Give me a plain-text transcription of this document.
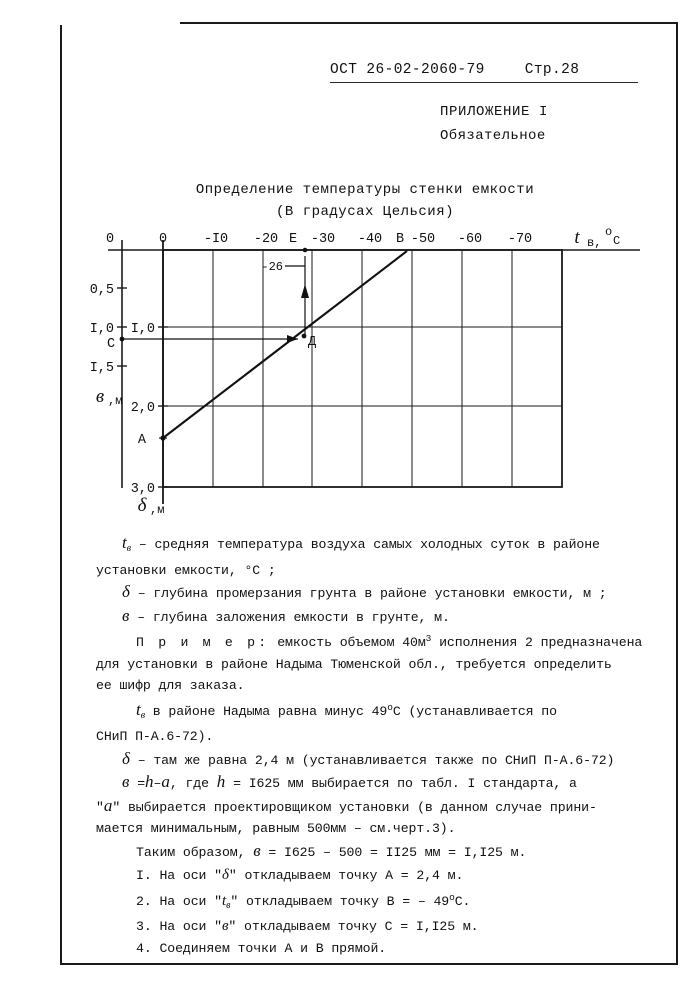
ОСТ 26-02-2060-79	Стр.28
ПРИЛОЖЕНИЕ I
Обязательное
Определение температуры стенки емкости
(В градусах Цельсия)
0	0	-I0 -20 -30 -40 -50 -60 -70
Е	В	t в,
о
С
0,5
I,0
I,5
в ,м
C
I,0
2,0
3,0
δ ,м
A
-26
Д

$t_в$ – средняя температура воздуха самых холодных суток в районе

установки емкости, °С ;

δ – глубина промерзания грунта в районе установки емкости, м ;

в – глубина заложения емкости в грунте, м.

П р и м е р: емкость объемом $40м^3$ исполнения 2 предназначена

для установки в районе Надыма Тюменской обл., требуется определить

ее шифр для заказа.

$t_в$ в районе Надыма равна минус $49^оС$ (устанавливается по

СНиП П-А.6-72).

δ – там же равна 2,4 м (устанавливается также по СНиП П-А.6-72)

в =h–a, где h = I625 мм выбирается по табл. I стандарта, а

"a" выбирается проектировщиком установки (в данном случае прини-

мается минимальным, равным 500мм – см.черт.3).

Таким образом, в = I625 – 500 = II25 мм = I,I25 м.

I. На оси "δ" откладываем точку A = 2,4 м.

2. На оси "$t_в$" откладываем точку B = – $49^оС$.

3. На оси "в" откладываем точку C = I,I25 м.

4. Соединяем точки A и B прямой.
